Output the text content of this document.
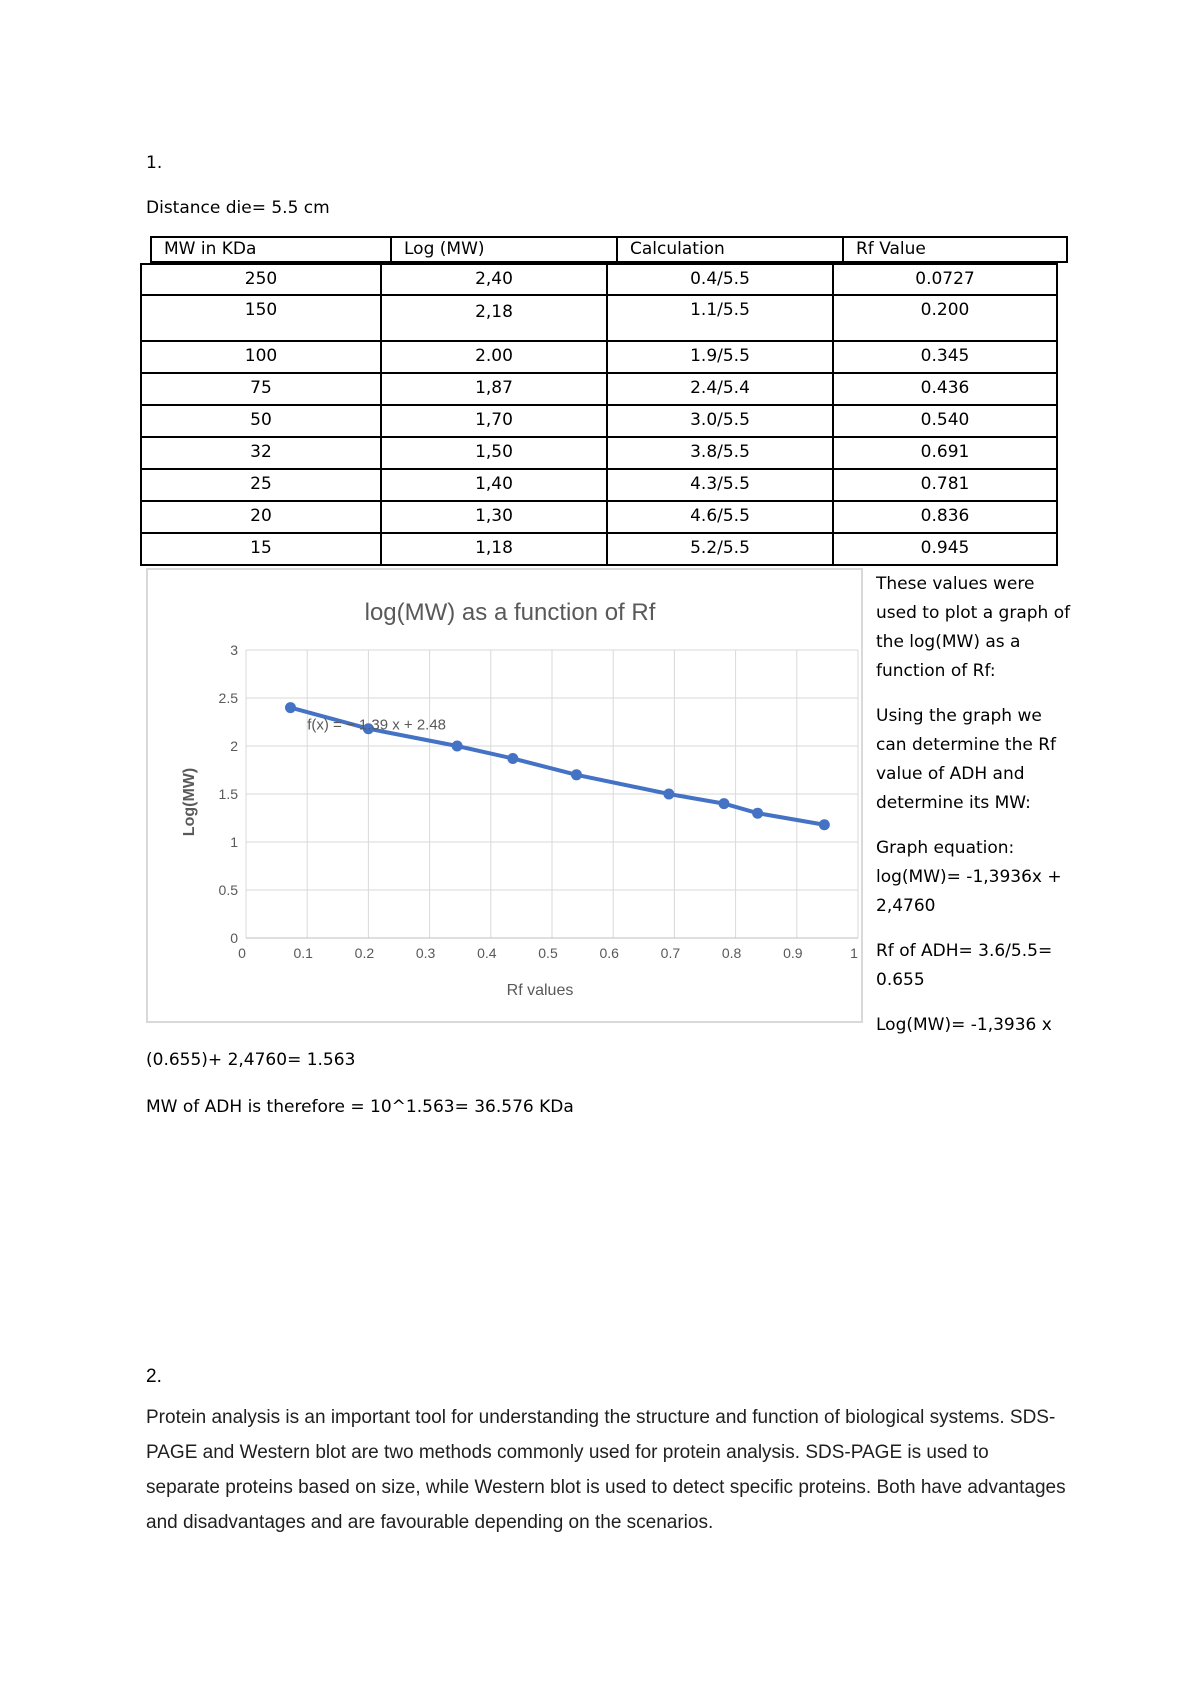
1.
Distance die= 5.5 cm
MW in KDa	Log (MW)	Calculation	Rf Value
250	2,40	0.4/5.5	0.0727
150	2,18	1.1/5.5	0.200
100	2.00	1.9/5.5	0.345
75	1,87	2.4/5.4	0.436
50	1,70	3.0/5.5	0.540
32	1,50	3.8/5.5	0.691
25	1,40	4.3/5.5	0.781
20	1,30	4.6/5.5	0.836
15	1,18	5.2/5.5	0.945
log(MW) as a function of Rf
0	0.1	0.2	0.3	0.4	0.5	0.6	0.7	0.8	0.9	1
0
0.5
1
1.5
2
2.5
3
f(x) = − 1.39 x + 2.48
Rf values
Log(MW)

These values were used to plot a graph of the log(MW) as a function of Rf:

Using the graph we can determine the Rf value of ADH and determine its MW:

Graph equation:
log(MW)= -1,3936x + 2,4760

Rf of ADH= 3.6/5.5= 0.655

Log(MW)= -1,3936 x

(0.655)+ 2,4760= 1.563
MW of ADH is therefore = 10^1.563= 36.576 KDa
2.
Protein analysis is an important tool for understanding the structure and function of biological systems. SDS-PAGE and Western blot are two methods commonly used for protein analysis. SDS-PAGE is used to separate proteins based on size, while Western blot is used to detect specific proteins. Both have advantages and disadvantages and are favourable depending on the scenarios.
